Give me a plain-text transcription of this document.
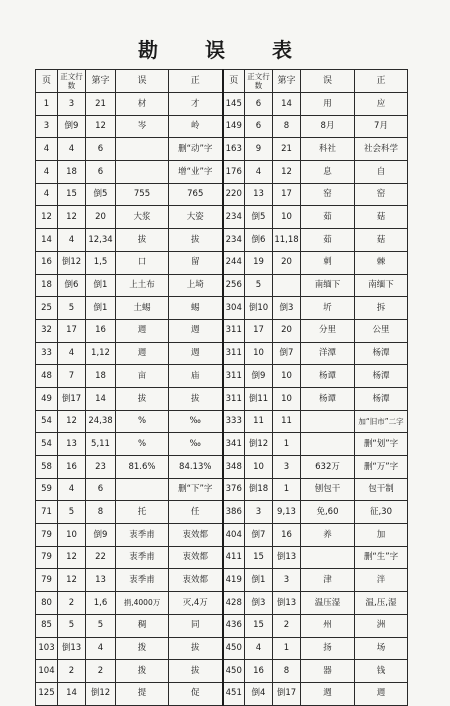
勘 误 表
页	正文行数	第字	误	正	页	正文行数	第字	误	正
1	3	21	材	才	145	6	14	用	应
3	倒9	12	岑	岭	149	6	8	8月	7月
4	4	6		删“动”字	163	9	21	科社	社会科学
4	18	6		增“业”字	176	4	12	息	自
4	15	倒5	755	765	220	13	17	窑	窑
12	12	20	大浆	大姿	234	倒5	10	茹	菇
14	4	12,34	拔	拔	234	倒6	11,18	茹	菇
16	倒12	1,5	口	留	244	19	20	刺	棘
18	倒6	倒1	上土布	上埼	256	5		南缅下	南缅下
25	5	倒1	土蜴	蜴	304	倒10	倒3	圻	拆
32	17	16	週	週	311	17	20	分里	公里
33	4	1,12	週	週	311	10	倒7	洋潭	杨潭
48	7	18	亩	庙	311	倒9	10	杨谭	杨潭
49	倒17	14	拔	拔	311	倒11	10	杨谭	杨潭
54	12	24,38	%	‰	333	11	11		加“旧市”二字
54	13	5,11	%	‰	341	倒12	1		删“划”字
58	16	23	81.6%	84.13%	348	10	3	632万	删“万”字
59	4	6		删“下”字	376	倒18	1	刨包干	包干制
71	5	8	托	任	386	3	9,13	免,60	征,30
79	10	倒9	衷季甫	衷效都	404	倒7	16	养	加
79	12	22	衷季甫	衷效都	411	15	倒13		删“生”字
79	12	13	衷季甫	衷效都	419	倒1	3	津	泮
80	2	1,6	捐,4000万	灭,4万	428	倒3	倒13	温压湿	温,压,湿
85	5	5	稠	同	436	15	2	州	洲
103	倒13	4	拨	拔	450	4	1	扬	场
104	2	2	拨	拔	450	16	8	器	钱
125	14	倒12	提	促	451	倒4	倒17	週	週
